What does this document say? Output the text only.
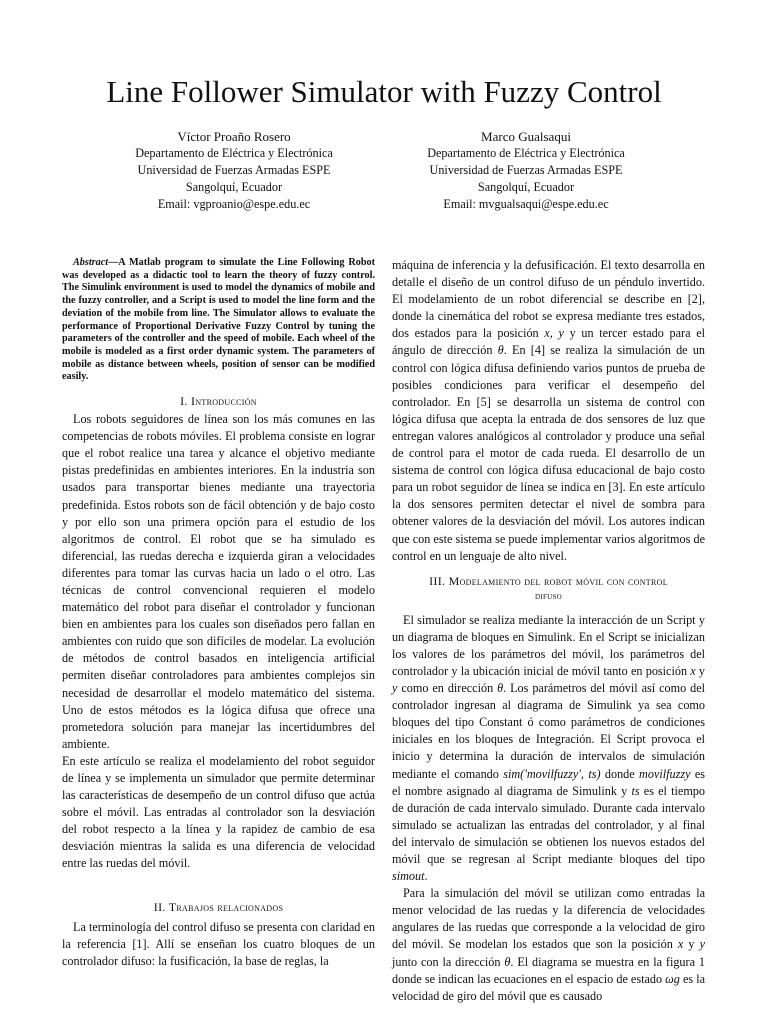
Line Follower Simulator with Fuzzy Control
Víctor Proaño Rosero
Departamento de Eléctrica y Electrónica
Universidad de Fuerzas Armadas ESPE
Sangolquí, Ecuador
Email: vgproanio@espe.edu.ec
Marco Gualsaqui
Departamento de Eléctrica y Electrónica
Universidad de Fuerzas Armadas ESPE
Sangolquí, Ecuador
Email: mvgualsaqui@espe.edu.ec

Abstract—A Matlab program to simulate the Line Following Robot was developed as a didactic tool to learn the theory of fuzzy control. The Simulink environment is used to model the dynamics of mobile and the fuzzy controller, and a Script is used to model the line form and the deviation of the mobile from line. The Simulator allows to evaluate the performance of Proportional Derivative Fuzzy Control by tuning the parameters of the controller and the speed of mobile. Each wheel of the mobile is modeled as a first order dynamic system. The parameters of mobile as distance between wheels, position of sensor can be modified easily.

I. Introducción

Los robots seguidores de línea son los más comunes en las competencias de robots móviles. El problema consiste en lograr que el robot realice una tarea y alcance el objetivo mediante pistas predefinidas en ambientes interiores. En la industria son usados para transportar bienes mediante una trayectoria predefinida. Estos robots son de fácil obtención y de bajo costo y por ello son una primera opción para el estudio de los algoritmos de control. El robot que se ha simulado es diferencial, las ruedas derecha e izquierda giran a velocidades diferentes para tomar las curvas hacia un lado o el otro. Las técnicas de control convencional requieren el modelo matemático del robot para diseñar el controlador y funcionan bien en ambientes para los cuales son diseñados pero fallan en ambientes con ruido que son difíciles de modelar. La evolución de métodos de control basados en inteligencia artificial permiten diseñar controladores para ambientes complejos sin necesidad de desarrollar el modelo matemático del sistema. Uno de estos métodos es la lógica difusa que ofrece una prometedora solución para manejar las incertidumbres del ambiente.

En este artículo se realiza el modelamiento del robot seguidor de línea y se implementa un simulador que permite determinar las características de desempeño de un control difuso que actúa sobre el móvil. Las entradas al controlador son la desviación del robot respecto a la línea y la rapidez de cambio de esa desviación mientras la salida es una diferencia de velocidad entre las ruedas del móvil.

II. Trabajos relacionados

La terminología del control difuso se presenta con claridad en la referencia [1]. Allí se enseñan los cuatro bloques de un controlador difuso: la fusificación, la base de reglas, la

máquina de inferencia y la defusificación. El texto desarrolla en detalle el diseño de un control difuso de un péndulo invertido. El modelamiento de un robot diferencial se describe en [2], donde la cinemática del robot se expresa mediante tres estados, dos estados para la posición x, y y un tercer estado para el ángulo de dirección θ. En [4] se realiza la simulación de un control con lógica difusa definiendo varios puntos de prueba de posibles condiciones para verificar el desempeño del controlador. En [5] se desarrolla un sistema de control con lógica difusa que acepta la entrada de dos sensores de luz que entregan valores analógicos al controlador y produce una señal de control para el motor de cada rueda. El desarrollo de un sistema de control con lógica difusa educacional de bajo costo para un robot seguidor de línea se indica en [3]. En este artículo la dos sensores permiten detectar el nivel de sombra para obtener valores de la desviación del móvil. Los autores indican que con este sistema se puede implementar varios algoritmos de control en un lenguaje de alto nivel.

III. Modelamiento del robot móvil con control
difuso

El simulador se realiza mediante la interacción de un Script y un diagrama de bloques en Simulink. En el Script se inicializan los valores de los parámetros del móvil, los parámetros del controlador y la ubicación inicial de móvil tanto en posición x y y como en dirección θ. Los parámetros del móvil así como del controlador ingresan al diagrama de Simulink ya sea como bloques del tipo Constant ó como parámetros de condiciones iniciales en los bloques de Integración. El Script provoca el inicio y determina la duración de intervalos de simulación mediante el comando sim('movilfuzzy', ts) donde movilfuzzy es el nombre asignado al diagrama de Simulink y ts es el tiempo de duración de cada intervalo simulado. Durante cada intervalo simulado se actualizan las entradas del controlador, y al final del intervalo de simulación se obtienen los nuevos estados del móvil que se regresan al Script mediante bloques del tipo simout.

Para la simulación del móvil se utilizan como entradas la menor velocidad de las ruedas y la diferencia de velocidades angulares de las ruedas que corresponde a la velocidad de giro del móvil. Se modelan los estados que son la posición x y y junto con la dirección θ. El diagrama se muestra en la figura 1 donde se indican las ecuaciones en el espacio de estado ωg es la velocidad de giro del móvil que es causado
